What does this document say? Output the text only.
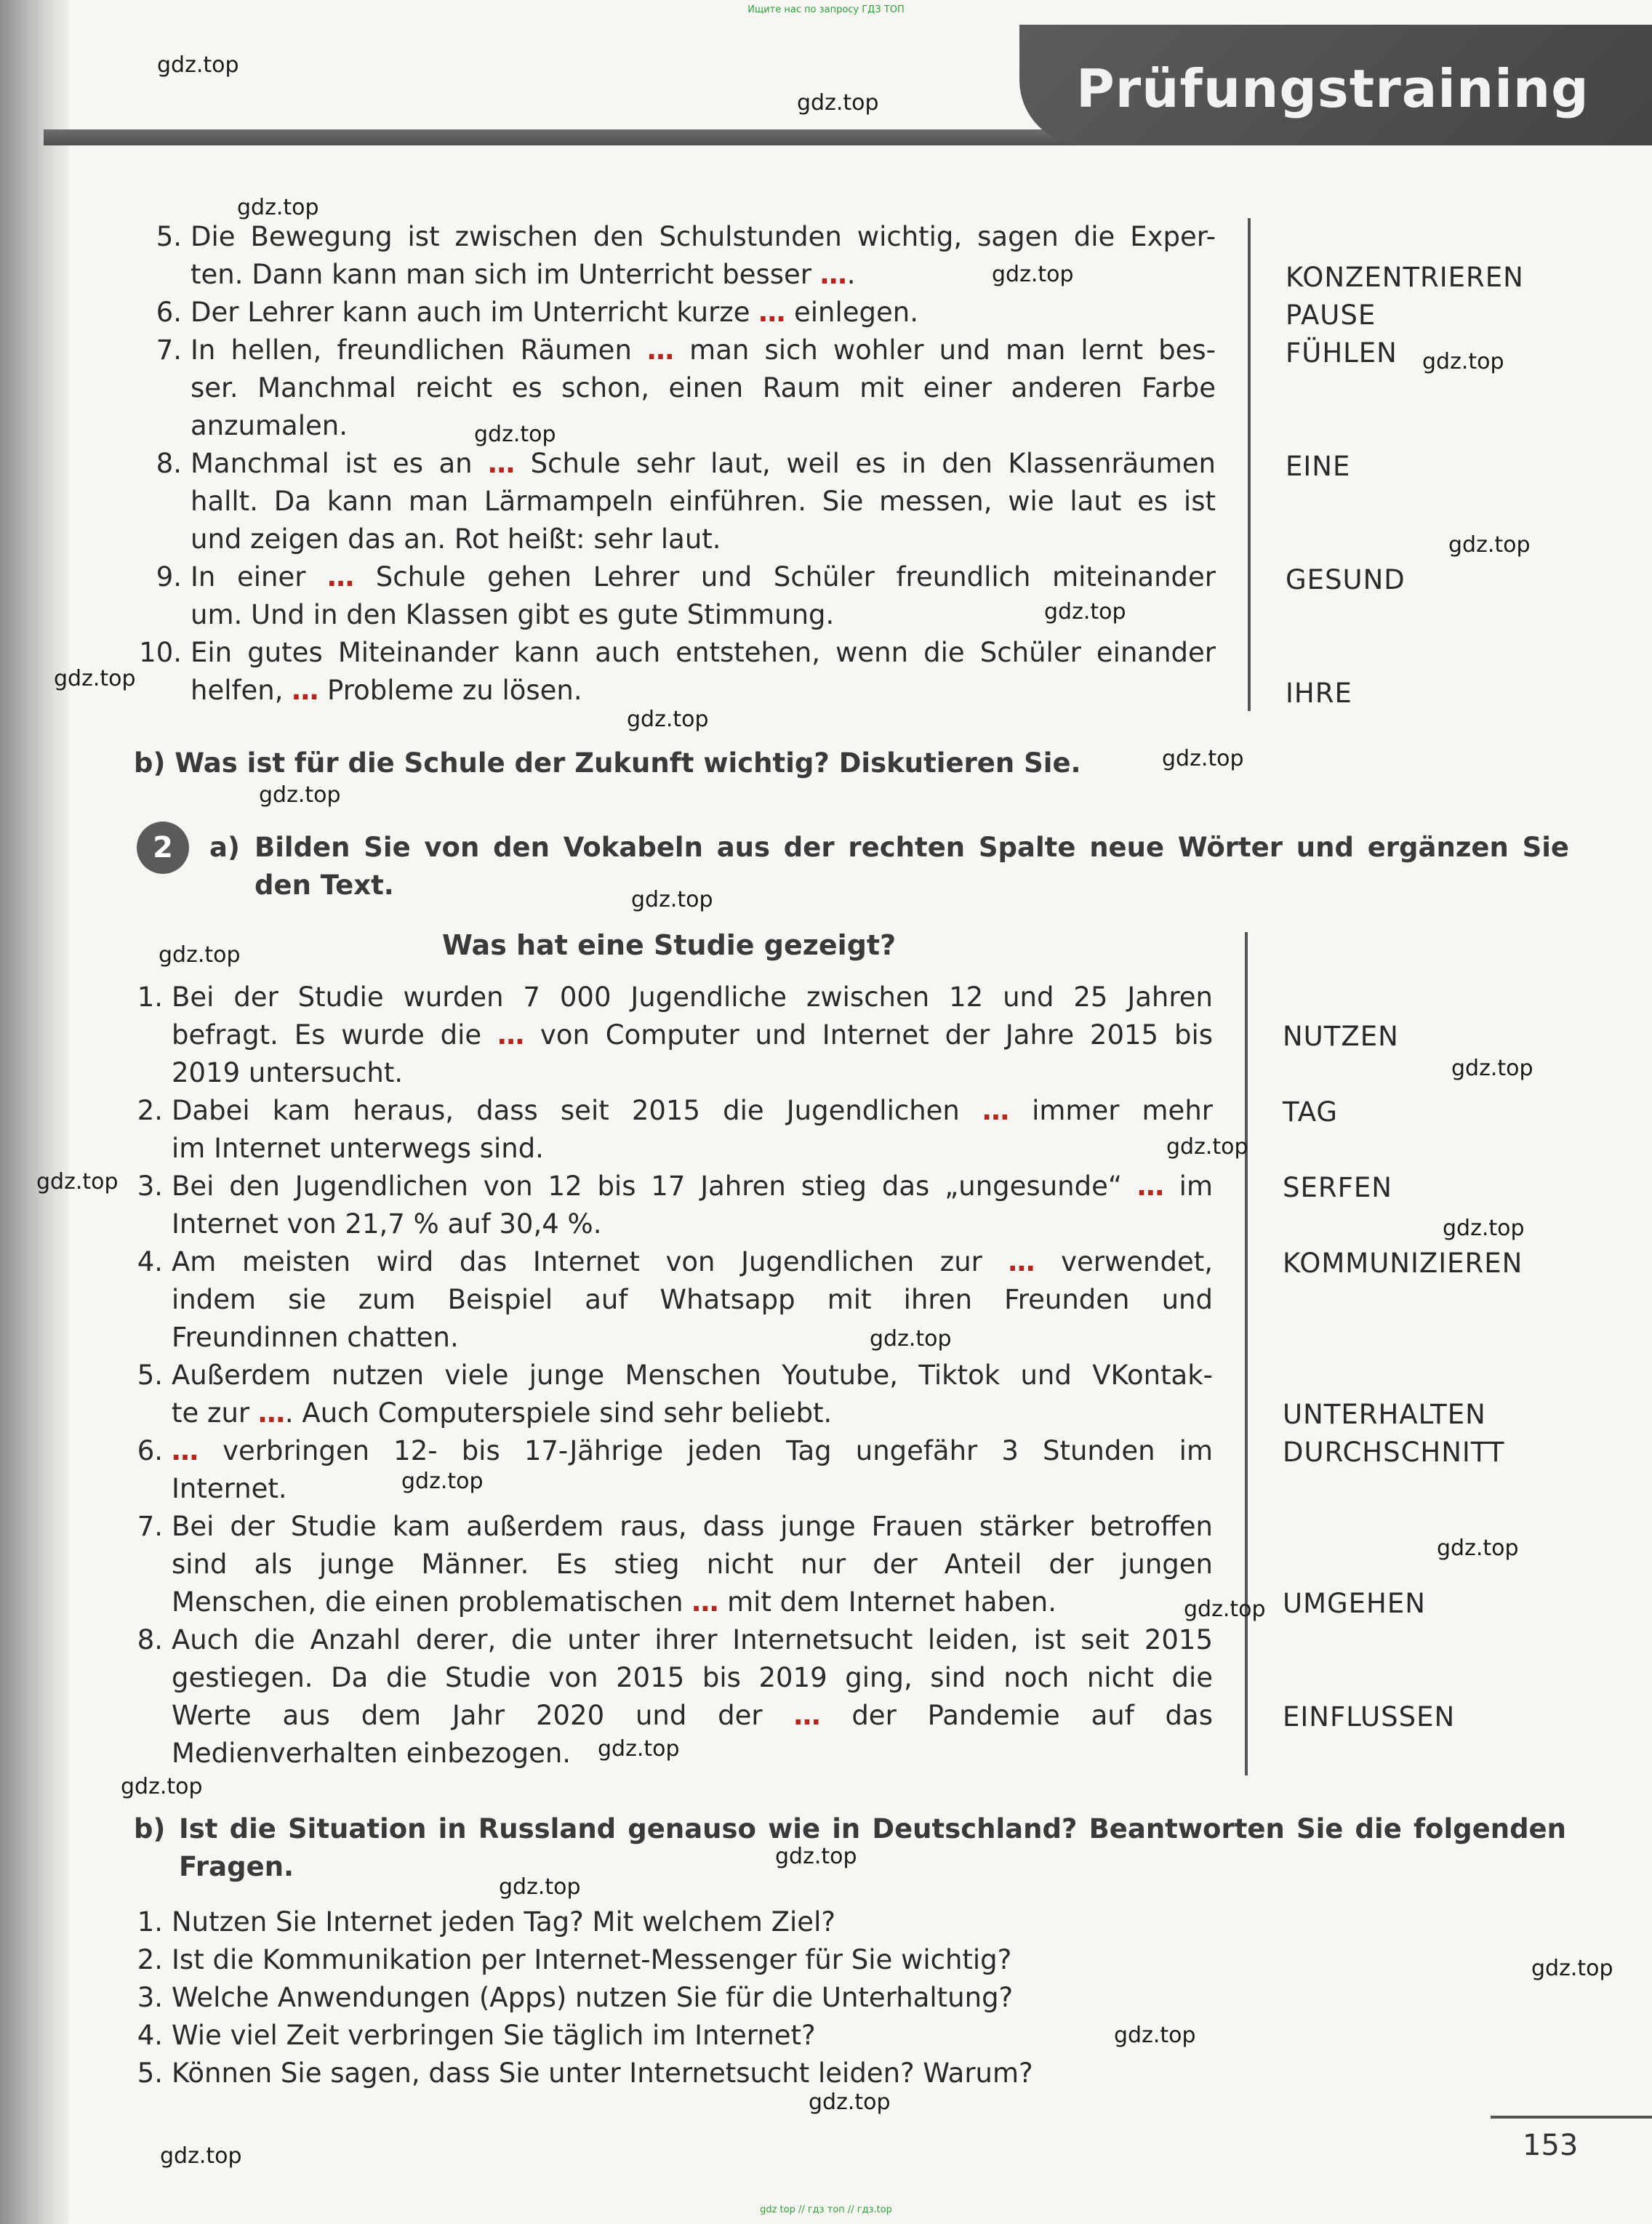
Ищите нас по запросу ГДЗ ТОП
Prüfungstraining
5. Die Bewegung ist zwischen den Schulstunden wichtig, sagen die Exper-
ten. Dann kann man sich im Unterricht besser ….
6. Der Lehrer kann auch im Unterricht kurze … einlegen.
7. In hellen, freundlichen Räumen … man sich wohler und man lernt bes-
ser. Manchmal reicht es schon, einen Raum mit einer anderen Farbe
anzumalen.
8. Manchmal ist es an … Schule sehr laut, weil es in den Klassenräumen
hallt. Da kann man Lärmampeln einführen. Sie messen, wie laut es ist
und zeigen das an. Rot heißt: sehr laut.
9. In einer … Schule gehen Lehrer und Schüler freundlich miteinander
um. Und in den Klassen gibt es gute Stimmung.
10. Ein gutes Miteinander kann auch entstehen, wenn die Schüler einander
helfen, … Probleme zu lösen.
KONZENTRIEREN
PAUSE
FÜHLEN
EINE
GESUND
IHRE
b) Was ist für die Schule der Zukunft wichtig? Diskutieren Sie.
2	a) Bilden Sie von den Vokabeln aus der rechten Spalte neue Wörter und ergänzen Sie
den Text.
Was hat eine Studie gezeigt?
1. Bei der Studie wurden 7 000 Jugendliche zwischen 12 und 25 Jahren
befragt. Es wurde die … von Computer und Internet der Jahre 2015 bis
2019 untersucht.
2. Dabei kam heraus, dass seit 2015 die Jugendlichen … immer mehr
im Internet unterwegs sind.
3. Bei den Jugendlichen von 12 bis 17 Jahren stieg das „ungesunde“ … im
Internet von 21,7 % auf 30,4 %.
4. Am meisten wird das Internet von Jugendlichen zur … verwendet,
indem sie zum Beispiel auf Whatsapp mit ihren Freunden und
Freundinnen chatten.
5. Außerdem nutzen viele junge Menschen Youtube, Tiktok und VKontak-
te zur …. Auch Computerspiele sind sehr beliebt.
6. … verbringen 12- bis 17-Jährige jeden Tag ungefähr 3 Stunden im
Internet.
7. Bei der Studie kam außerdem raus, dass junge Frauen stärker betroffen
sind als junge Männer. Es stieg nicht nur der Anteil der jungen
Menschen, die einen problematischen … mit dem Internet haben.
8. Auch die Anzahl derer, die unter ihrer Internetsucht leiden, ist seit 2015
gestiegen. Da die Studie von 2015 bis 2019 ging, sind noch nicht die
Werte aus dem Jahr 2020 und der … der Pandemie auf das
Medienverhalten einbezogen.
NUTZEN
TAG
SERFEN
KOMMUNIZIEREN
UNTERHALTEN
DURCHSCHNITT
UMGEHEN
EINFLUSSEN
b) Ist die Situation in Russland genauso wie in Deutschland? Beantworten Sie die folgenden
Fragen.
1. Nutzen Sie Internet jeden Tag? Mit welchem Ziel?
2. Ist die Kommunikation per Internet-Messenger für Sie wichtig?
3. Welche Anwendungen (Apps) nutzen Sie für die Unterhaltung?
4. Wie viel Zeit verbringen Sie täglich im Internet?
5. Können Sie sagen, dass Sie unter Internetsucht leiden? Warum?
153
gdz top // гдз топ // гдз.top
gdz.top
gdz.top
gdz.top
gdz.top
gdz.top
gdz.top
gdz.top
gdz.top
gdz.top
gdz.top
gdz.top
gdz.top
gdz.top
gdz.top
gdz.top
gdz.top
gdz.top
gdz.top
gdz.top
gdz.top
gdz.top
gdz.top
gdz.top
gdz.top
gdz.top
gdz.top
gdz.top
gdz.top
gdz.top
gdz.top
